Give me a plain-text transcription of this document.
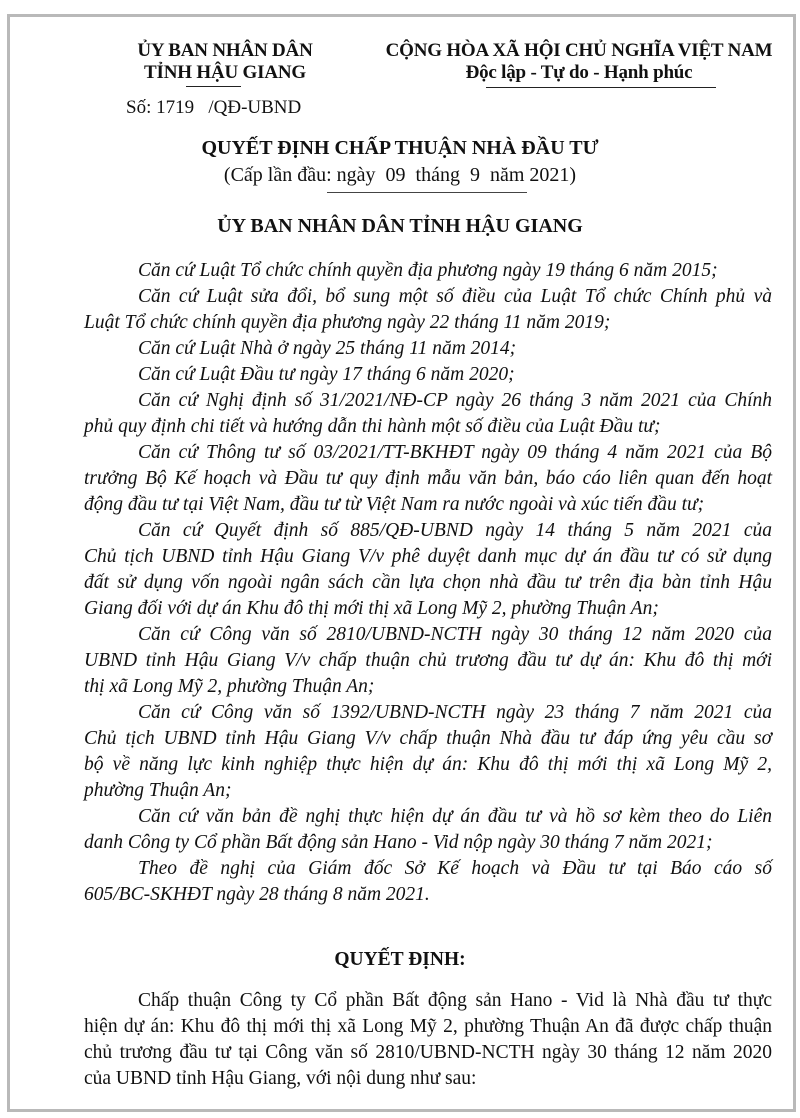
ỦY BAN NHÂN DÂN
TỈNH HẬU GIANG
Số: 1719   /QĐ-UBND
CỘNG HÒA XÃ HỘI CHỦ NGHĨA VIỆT NAM
Độc lập - Tự do - Hạnh phúc
QUYẾT ĐỊNH CHẤP THUẬN NHÀ ĐẦU TƯ
(Cấp lần đầu: ngày  09  tháng  9  năm 2021)
ỦY BAN NHÂN DÂN TỈNH HẬU GIANG
Căn cứ Luật Tổ chức chính quyền địa phương ngày 19 tháng 6 năm 2015;
Căn cứ Luật sửa đổi, bổ sung một số điều của Luật Tổ chức Chính phủ và
Luật Tổ chức chính quyền địa phương ngày 22 tháng 11 năm 2019;
Căn cứ Luật Nhà ở ngày 25 tháng 11 năm 2014;
Căn cứ Luật Đầu tư ngày 17 tháng 6 năm 2020;
Căn cứ Nghị định số 31/2021/NĐ-CP ngày 26 tháng 3 năm 2021 của Chính
phủ quy định chi tiết và hướng dẫn thi hành một số điều của Luật Đầu tư;
Căn cứ Thông tư số 03/2021/TT-BKHĐT ngày 09 tháng 4 năm 2021 của Bộ
trưởng Bộ Kế hoạch và Đầu tư quy định mẫu văn bản, báo cáo liên quan đến hoạt
động đầu tư tại Việt Nam, đầu tư từ Việt Nam ra nước ngoài và xúc tiến đầu tư;
Căn cứ Quyết định số 885/QĐ-UBND ngày 14 tháng 5 năm 2021 của
Chủ tịch UBND tỉnh Hậu Giang V/v phê duyệt danh mục dự án đầu tư có sử dụng
đất sử dụng vốn ngoài ngân sách cần lựa chọn nhà đầu tư trên địa bàn tỉnh Hậu
Giang đối với dự án Khu đô thị mới thị xã Long Mỹ 2, phường Thuận An;
Căn cứ Công văn số 2810/UBND-NCTH ngày 30 tháng 12 năm 2020 của
UBND tỉnh Hậu Giang V/v chấp thuận chủ trương đầu tư dự án: Khu đô thị mới
thị xã Long Mỹ 2, phường Thuận An;
Căn cứ Công văn số 1392/UBND-NCTH ngày 23 tháng 7 năm 2021 của
Chủ tịch UBND tỉnh Hậu Giang V/v chấp thuận Nhà đầu tư đáp ứng yêu cầu sơ
bộ về năng lực kinh nghiệp thực hiện dự án: Khu đô thị mới thị xã Long Mỹ 2,
phường Thuận An;
Căn cứ văn bản đề nghị thực hiện dự án đầu tư và hồ sơ kèm theo do Liên
danh Công ty Cổ phần Bất động sản Hano - Vid nộp ngày 30 tháng 7 năm 2021;
Theo đề nghị của Giám đốc Sở Kế hoạch và Đầu tư tại Báo cáo số
605/BC-SKHĐT ngày 28 tháng 8 năm 2021.
QUYẾT ĐỊNH:
Chấp thuận Công ty Cổ phần Bất động sản Hano - Vid là Nhà đầu tư thực
hiện dự án: Khu đô thị mới thị xã Long Mỹ 2, phường Thuận An đã được chấp thuận
chủ trương đầu tư tại Công văn số 2810/UBND-NCTH ngày 30 tháng 12 năm 2020
của UBND tỉnh Hậu Giang, với nội dung như sau:
